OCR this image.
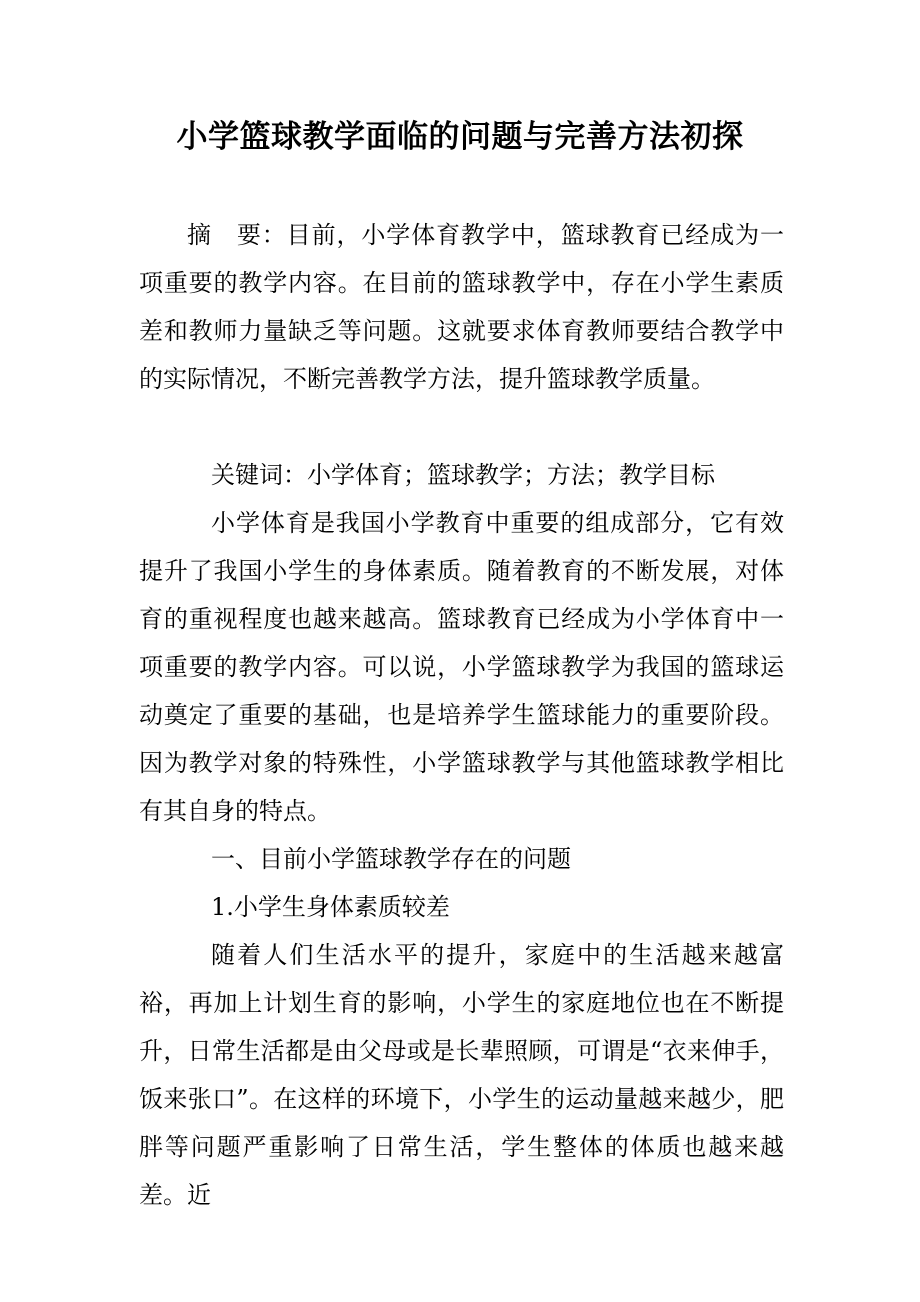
小学篮球教学面临的问题与完善方法初探

摘　要：目前，小学体育教学中，篮球教育已经成为一项重要的教学内容。在目前的篮球教学中，存在小学生素质差和教师力量缺乏等问题。这就要求体育教师要结合教学中的实际情况，不断完善教学方法，提升篮球教学质量。

关键词：小学体育；篮球教学；方法；教学目标

小学体育是我国小学教育中重要的组成部分，它有效提升了我国小学生的身体素质。随着教育的不断发展，对体育的重视程度也越来越高。篮球教育已经成为小学体育中一项重要的教学内容。可以说，小学篮球教学为我国的篮球运动奠定了重要的基础，也是培养学生篮球能力的重要阶段。因为教学对象的特殊性，小学篮球教学与其他篮球教学相比有其自身的特点。

一、目前小学篮球教学存在的问题

1.小学生身体素质较差

随着人们生活水平的提升，家庭中的生活越来越富裕，再加上计划生育的影响，小学生的家庭地位也在不断提升，日常生活都是由父母或是长辈照顾，可谓是“衣来伸手，饭来张口”。在这样的环境下，小学生的运动量越来越少，肥胖等问题严重影响了日常生活，学生整体的体质也越来越差。近
